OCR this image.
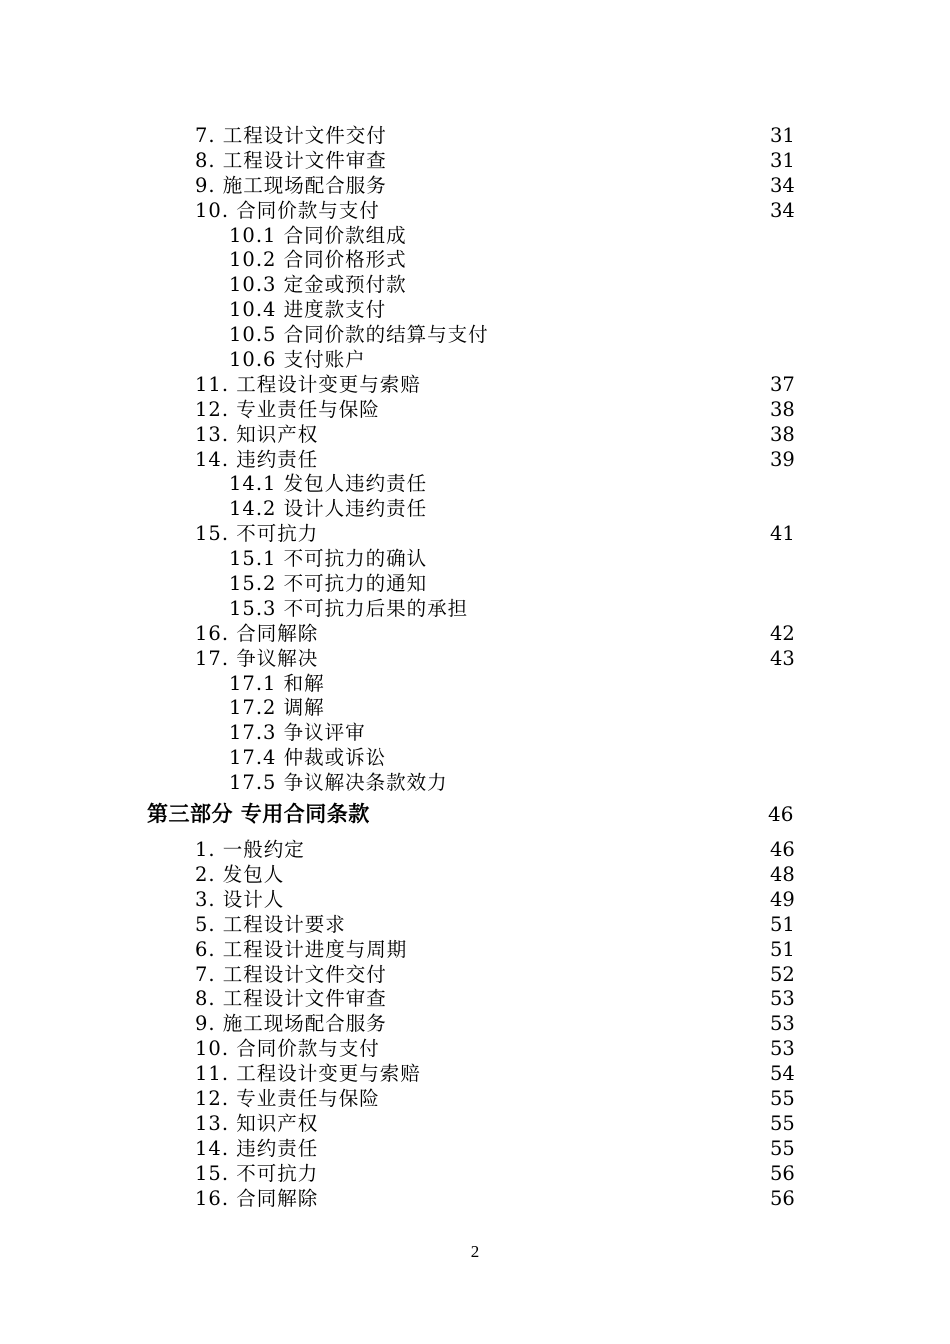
7. 工程设计文件交付	31
8. 工程设计文件审查	31
9. 施工现场配合服务	34
10. 合同价款与支付	34
10.1 合同价款组成
10.2 合同价格形式
10.3 定金或预付款
10.4 进度款支付
10.5 合同价款的结算与支付
10.6 支付账户
11. 工程设计变更与索赔	37
12. 专业责任与保险	38
13. 知识产权	38
14. 违约责任	39
14.1 发包人违约责任
14.2 设计人违约责任
15. 不可抗力	41
15.1 不可抗力的确认
15.2 不可抗力的通知
15.3 不可抗力后果的承担
16. 合同解除	42
17. 争议解决	43
17.1 和解
17.2 调解
17.3 争议评审
17.4 仲裁或诉讼
17.5 争议解决条款效力
第三部分 专用合同条款	46
1. 一般约定	46
2. 发包人	48
3. 设计人	49
5. 工程设计要求	51
6. 工程设计进度与周期	51
7. 工程设计文件交付	52
8. 工程设计文件审查	53
9. 施工现场配合服务	53
10. 合同价款与支付	53
11. 工程设计变更与索赔	54
12. 专业责任与保险	55
13. 知识产权	55
14. 违约责任	55
15. 不可抗力	56
16. 合同解除	56
2
